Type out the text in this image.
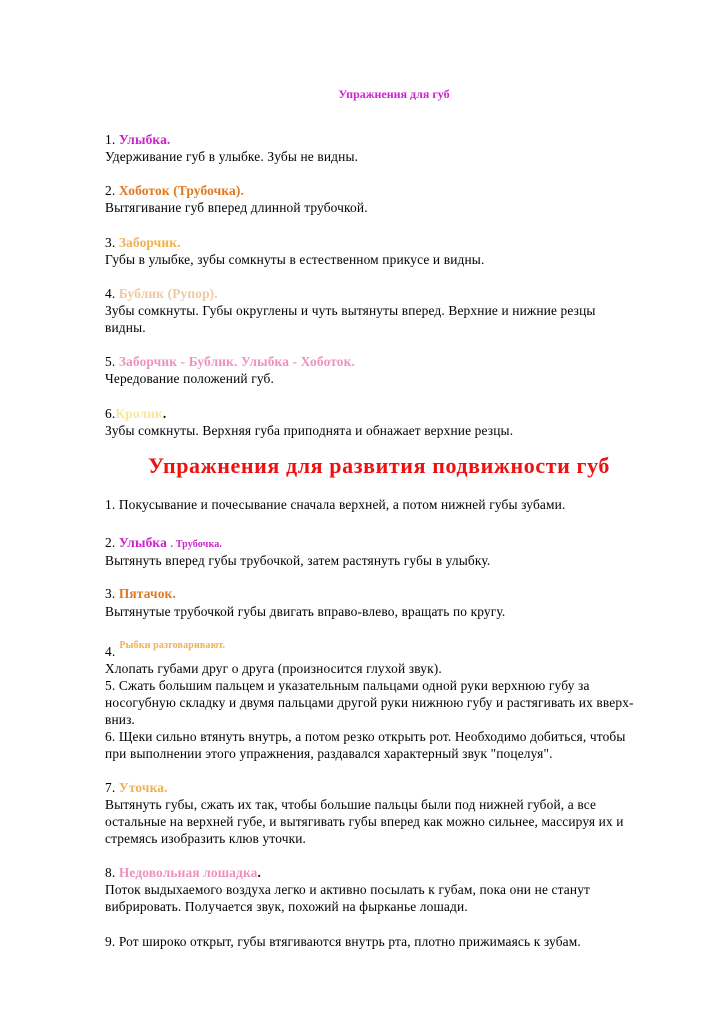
Упражнения для губ

1. Улыбка.

Удерживание губ в улыбке. Зубы не видны.

2. Хоботок (Трубочка).

Вытягивание губ вперед длинной трубочкой.

3. Заборчик.

Губы в улыбке, зубы сомкнуты в естественном прикусе и видны.

4. Бублик (Рупор).

Зубы сомкнуты. Губы округлены и чуть вытянуты вперед. Верхние и нижние резцы

видны.

5. Заборчик - Бублик. Улыбка - Хоботок.

Чередование положений губ.

6.Кролик.

Зубы сомкнуты. Верхняя губа приподнята и обнажает верхние резцы.

Упражнения для развития подвижности губ

1. Покусывание и почесывание сначала верхней, а потом нижней губы зубами.

2. Улыбка . Трубочка.

Вытянуть вперед губы трубочкой, затем растянуть губы в улыбку.

3. Пятачок.

Вытянутые трубочкой губы двигать вправо-влево, вращать по кругу.

4. $^{Рыбки разговаривают.}$

Хлопать губами друг о друга (произносится глухой звук).

5. Сжать большим пальцем и указательным пальцами одной руки верхнюю губу за

носогубную складку и двумя пальцами другой руки нижнюю губу и растягивать их вверх-

вниз.

6. Щеки сильно втянуть внутрь, а потом резко открыть рот. Необходимо добиться, чтобы

при выполнении этого упражнения, раздавался характерный звук "поцелуя".

7. Уточка.

Вытянуть губы, сжать их так, чтобы большие пальцы были под нижней губой, а все

остальные на верхней губе, и вытягивать губы вперед как можно сильнее, массируя их и

стремясь изобразить клюв уточки.

8. Недовольная лошадка.

Поток выдыхаемого воздуха легко и активно посылать к губам, пока они не станут

вибрировать. Получается звук, похожий на фырканье лошади.

9. Рот широко открыт, губы втягиваются внутрь рта, плотно прижимаясь к зубам.
